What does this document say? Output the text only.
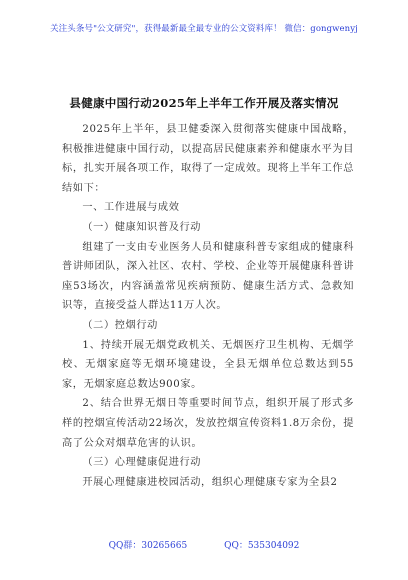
关注头条号"公文研究"，获得最新最全最专业的公文资料库！ 微信：gongwenyj
县健康中国行动2025年上半年工作开展及落实情况

2025年上半年，县卫健委深入贯彻落实健康中国战略，积极推进健康中国行动，以提高居民健康素养和健康水平为目标，扎实开展各项工作，取得了一定成效。现将上半年工作总结如下：

一、工作进展与成效

（一）健康知识普及行动

组建了一支由专业医务人员和健康科普专家组成的健康科普讲师团队，深入社区、农村、学校、企业等开展健康科普讲座53场次，内容涵盖常见疾病预防、健康生活方式、急救知识等，直接受益人群达11万人次。

（二）控烟行动

1、持续开展无烟党政机关、无烟医疗卫生机构、无烟学校、无烟家庭等无烟环境建设，全县无烟单位总数达到55家，无烟家庭总数达900家。

2、结合世界无烟日等重要时间节点，组织开展了形式多样的控烟宣传活动22场次，发放控烟宣传资料1.8万余份，提高了公众对烟草危害的认识。

（三）心理健康促进行动

开展心理健康进校园活动，组织心理健康专家为全县2

QQ群：30265665	QQ：535304092
